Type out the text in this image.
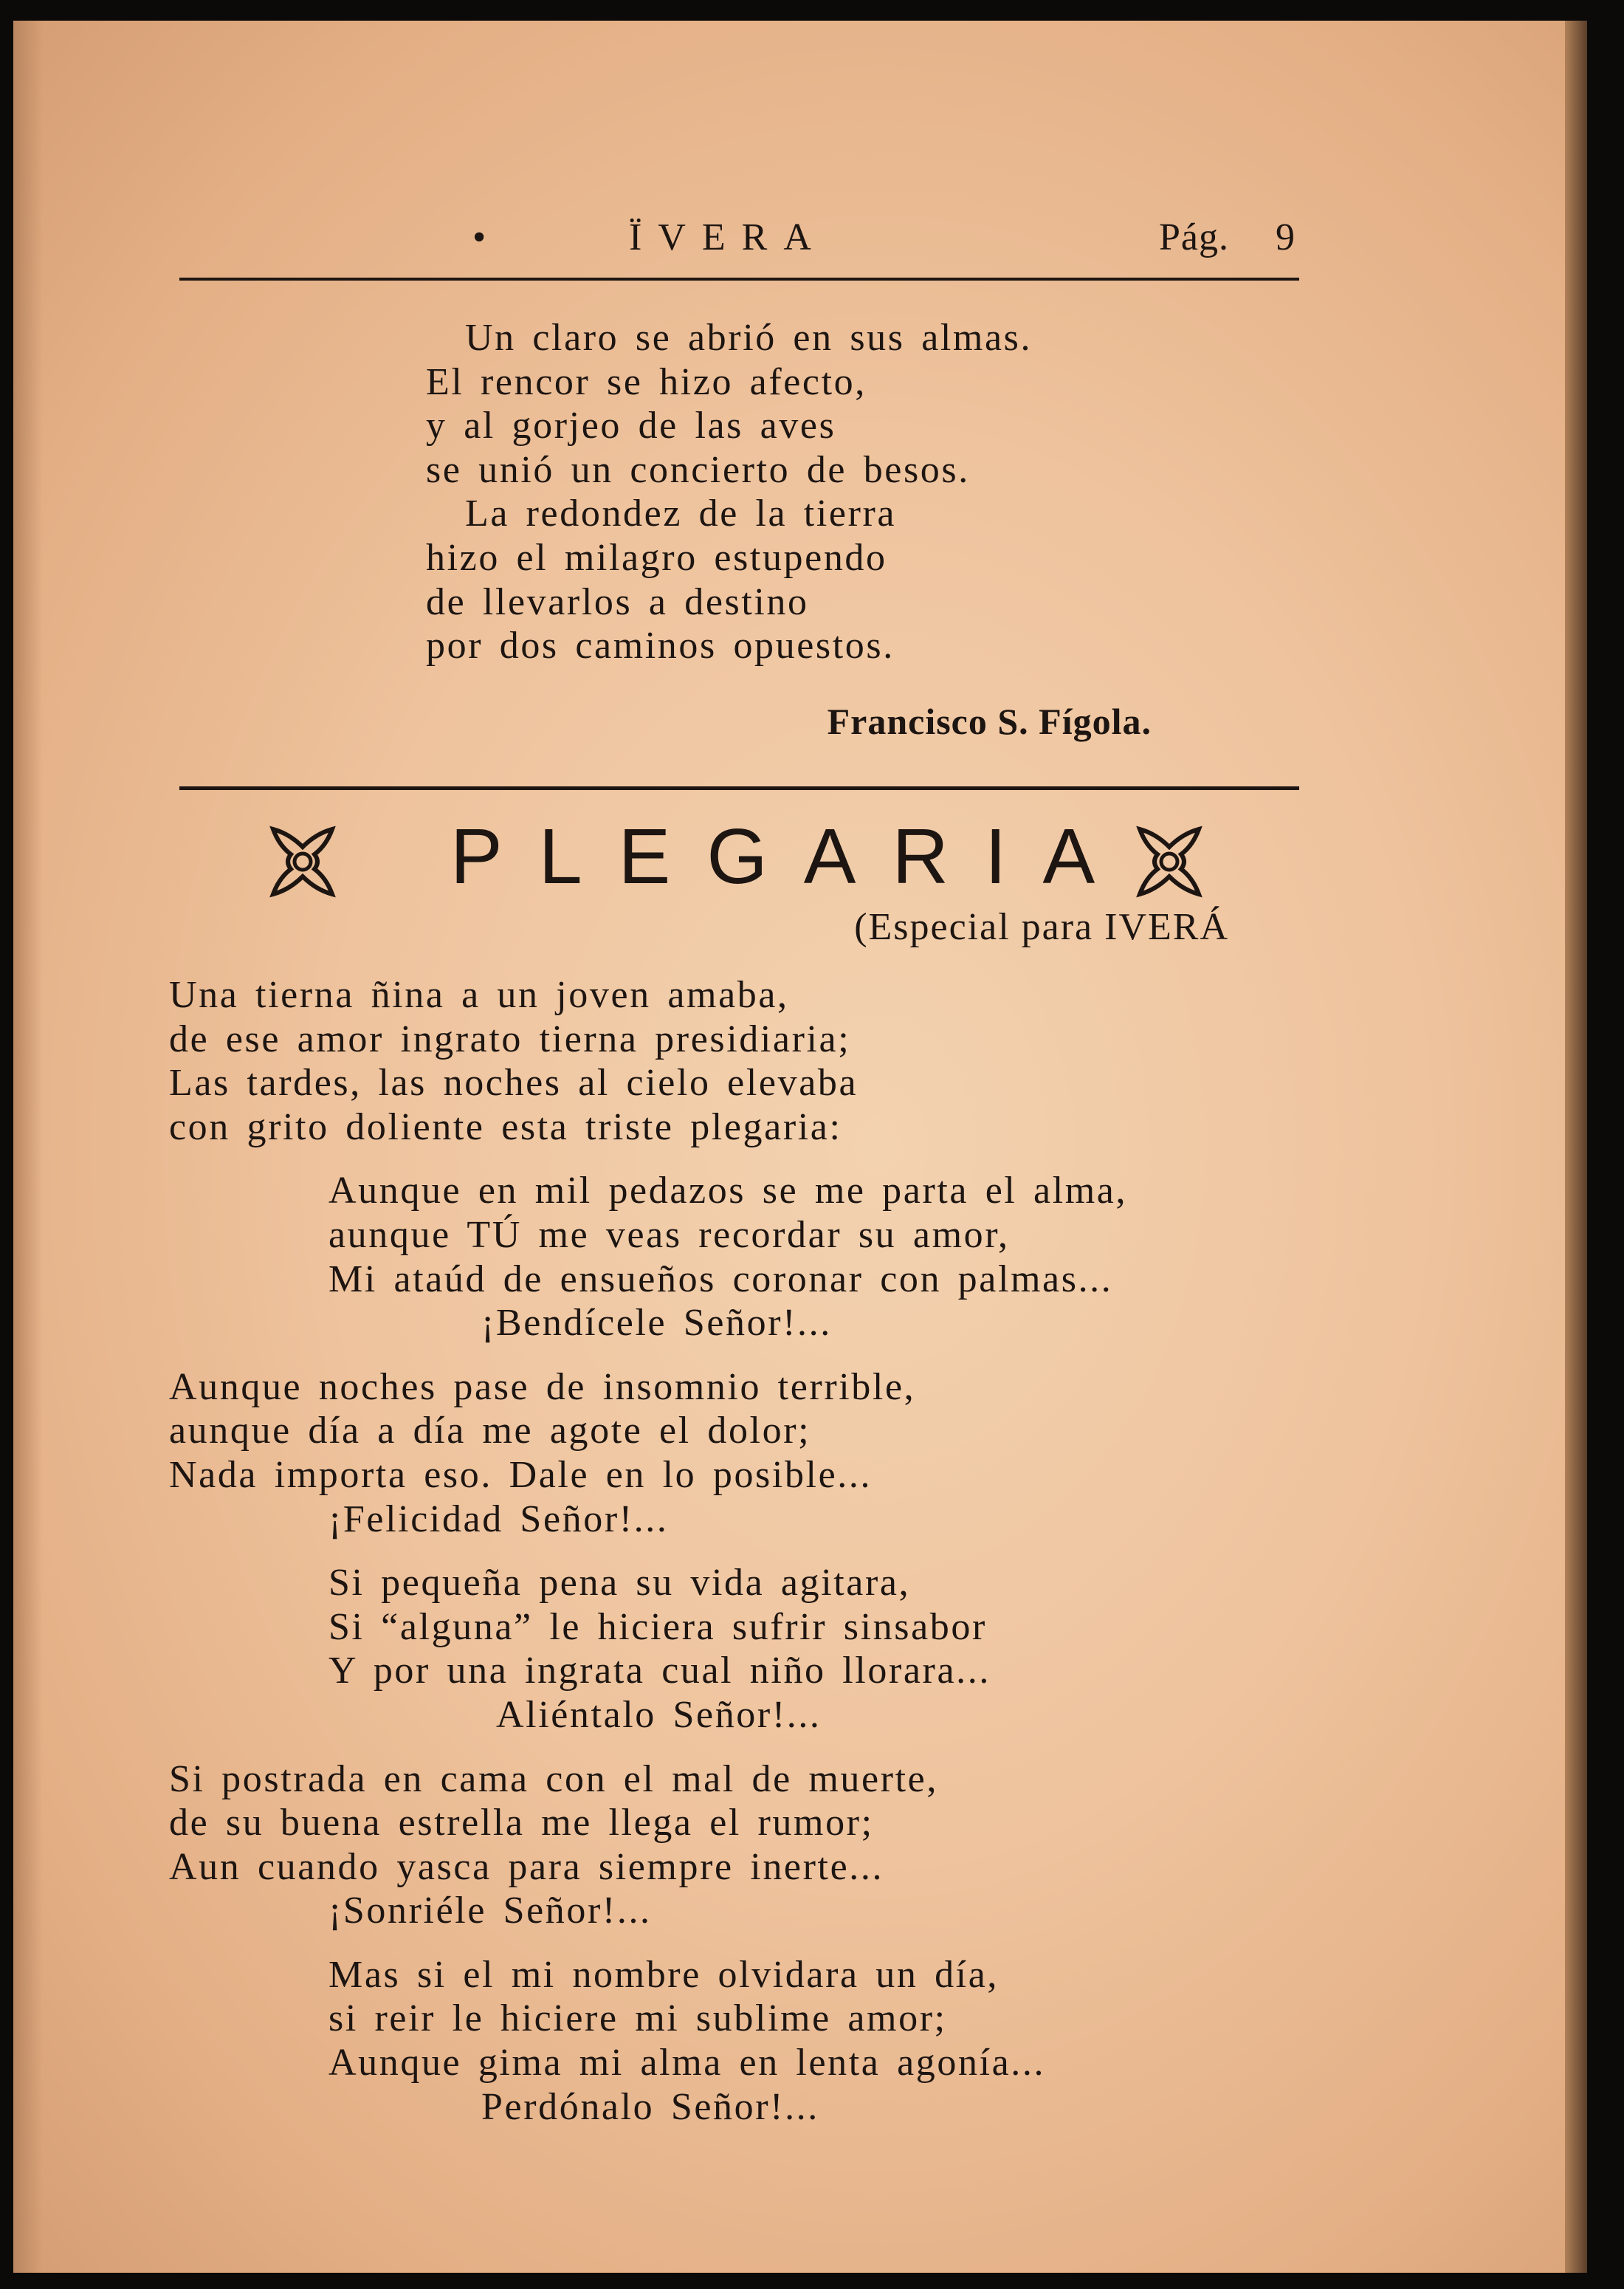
•	ÏVERA	Pág. 9
Un claro se abrió en sus almas.
El rencor se hizo afecto,
y al gorjeo de las aves
se unió un concierto de besos.
La redondez de la tierra
hizo el milagro estupendo
de llevarlos a destino
por dos caminos opuestos.
Francisco S. Fígola.
PLEGARIA
(Especial para IVERÁ
Una tierna ñina a un joven amaba,
de ese amor ingrato tierna presidiaria;
Las tardes, las noches al cielo elevaba
con grito doliente esta triste plegaria:
Aunque en mil pedazos se me parta el alma,
aunque TÚ me veas recordar su amor,
Mi ataúd de ensueños coronar con palmas...
¡Bendícele Señor!...
Aunque noches pase de insomnio terrible,
aunque día a día me agote el dolor;
Nada importa eso. Dale en lo posible...
¡Felicidad Señor!...
Si pequeña pena su vida agitara,
Si “alguna” le hiciera sufrir sinsabor
Y por una ingrata cual niño llorara...
Aliéntalo Señor!...
Si postrada en cama con el mal de muerte,
de su buena estrella me llega el rumor;
Aun cuando yasca para siempre inerte...
¡Sonriéle Señor!...
Mas si el mi nombre olvidara un día,
si reir le hiciere mi sublime amor;
Aunque gima mi alma en lenta agonía...
Perdónalo Señor!...
